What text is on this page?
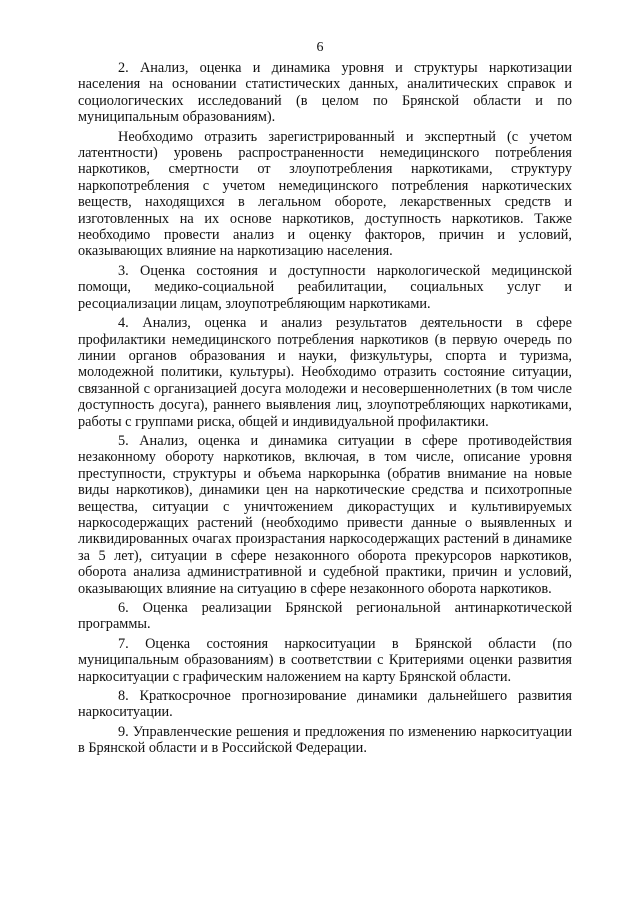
6

2. Анализ, оценка и динамика уровня и структуры наркотизации населения на основании статистических данных, аналитических справок и социологических исследований (в целом по Брянской области и по муниципальным образованиям).

Необходимо отразить зарегистрированный и экспертный (с учетом латентности) уровень распространенности немедицинского потребления наркотиков, смертности от злоупотребления наркотиками, структуру наркопотребления с учетом немедицинского потребления наркотических веществ, находящихся в легальном обороте, лекарственных средств и изготовленных на их основе наркотиков, доступность наркотиков. Также необходимо провести анализ и оценку факторов, причин и условий, оказывающих влияние на наркотизацию населения.

3. Оценка состояния и доступности наркологической медицинской помощи, медико-социальной реабилитации, социальных услуг и ресоциализации лицам, злоупотребляющим наркотиками.

4. Анализ, оценка и анализ результатов деятельности в сфере профилактики немедицинского потребления наркотиков (в первую очередь по линии органов образования и науки, физкультуры, спорта и туризма, молодежной политики, культуры). Необходимо отразить состояние ситуации, связанной с организацией досуга молодежи и несовершеннолетних (в том числе доступность досуга), раннего выявления лиц, злоупотребляющих наркотиками, работы с группами риска, общей и индивидуальной профилактики.

5. Анализ, оценка и динамика ситуации в сфере противодействия незаконному обороту наркотиков, включая, в том числе, описание уровня преступности, структуры и объема наркорынка (обратив внимание на новые виды наркотиков), динамики цен на наркотические средства и психотропные вещества, ситуации с уничтожением дикорастущих и культивируемых наркосодержащих растений (необходимо привести данные о выявленных и ликвидированных очагах произрастания наркосодержащих растений в динамике за 5 лет), ситуации в сфере незаконного оборота прекурсоров наркотиков, оборота анализа административной и судебной практики, причин и условий, оказывающих влияние на ситуацию в сфере незаконного оборота наркотиков.

6. Оценка реализации Брянской региональной антинаркотической программы.

7. Оценка состояния наркоситуации в Брянской области (по муниципальным образованиям) в соответствии с Критериями оценки развития наркоситуации с графическим наложением на карту Брянской области.

8. Краткосрочное прогнозирование динамики дальнейшего развития наркоситуации.

9. Управленческие решения и предложения по изменению наркоситуации в Брянской области и в Российской Федерации.
